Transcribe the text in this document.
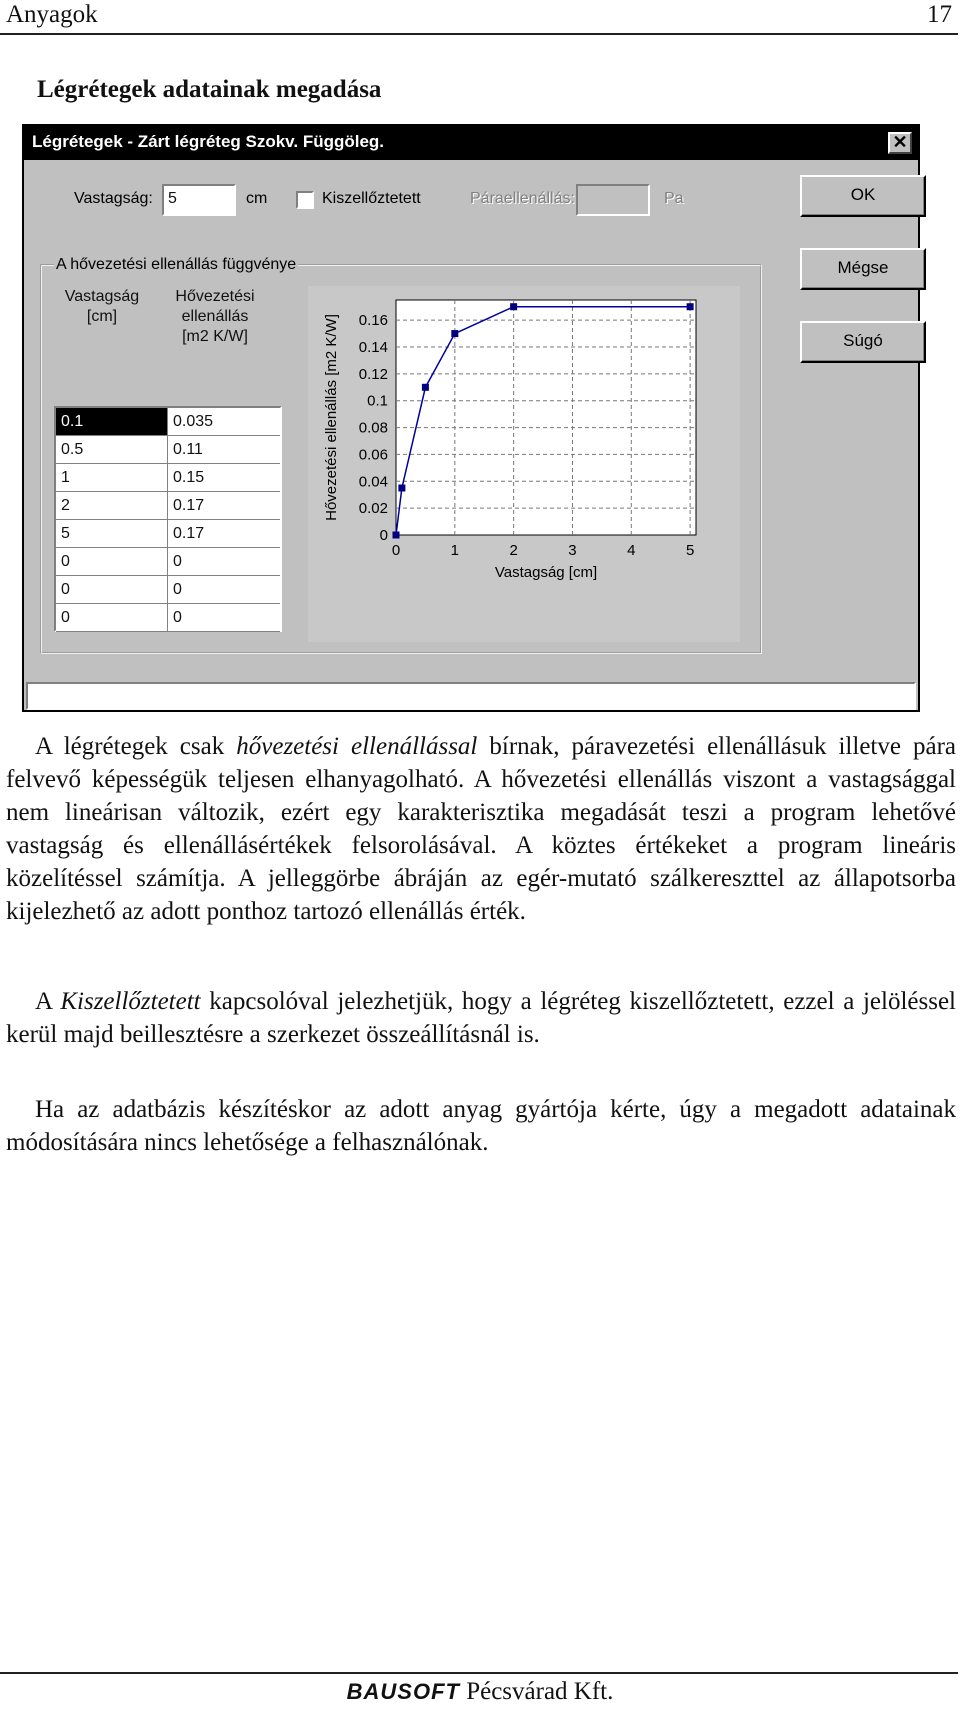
Anyagok	17
Légrétegek adatainak megadása
Légrétegek - Zárt légréteg Szokv. Függöleg.	✕
Vastagság: 5	cm	Kiszellőztetett	Páraellenállás:	Pa	OK
Mégse
Súgó
A hővezetési ellenállás függvénye
Vastagság
[cm]
Hővezetési
ellenállás
[m2 K/W]
0.1	0.035
0.5	0.11
1	0.15
2	0.17
5	0.17
0	0
0	0
0	0
0	1	2	3	4	5
0
0.02
0.04
0.06
0.08
0.1
0.12
0.14
0.16
Vastagság [cm]
Hővezetési ellenállás [m2 K/W]
A légrétegek csak hővezetési ellenállással bírnak, páravezetési ellenállásuk illetve pára felvevő képességük teljesen elhanyagolható. A hővezetési ellenállás viszont a vastagsággal nem lineárisan változik, ezért egy karakterisztika megadását teszi a program lehetővé vastagság és ellenállásértékek felsorolásával. A köztes értékeket a program lineáris közelítéssel számítja. A jelleggörbe ábráján az egér-mutató szálkereszttel az állapotsorba kijelezhető az adott ponthoz tartozó ellenállás érték.
A Kiszellőztetett kapcsolóval jelezhetjük, hogy a légréteg kiszellőztetett, ezzel a jelöléssel kerül majd beillesztésre a szerkezet összeállításnál is.
Ha az adatbázis készítéskor az adott anyag gyártója kérte, úgy a megadott adatainak módosítására nincs lehetősége a felhasználónak.
BAUSOFT Pécsvárad Kft.
